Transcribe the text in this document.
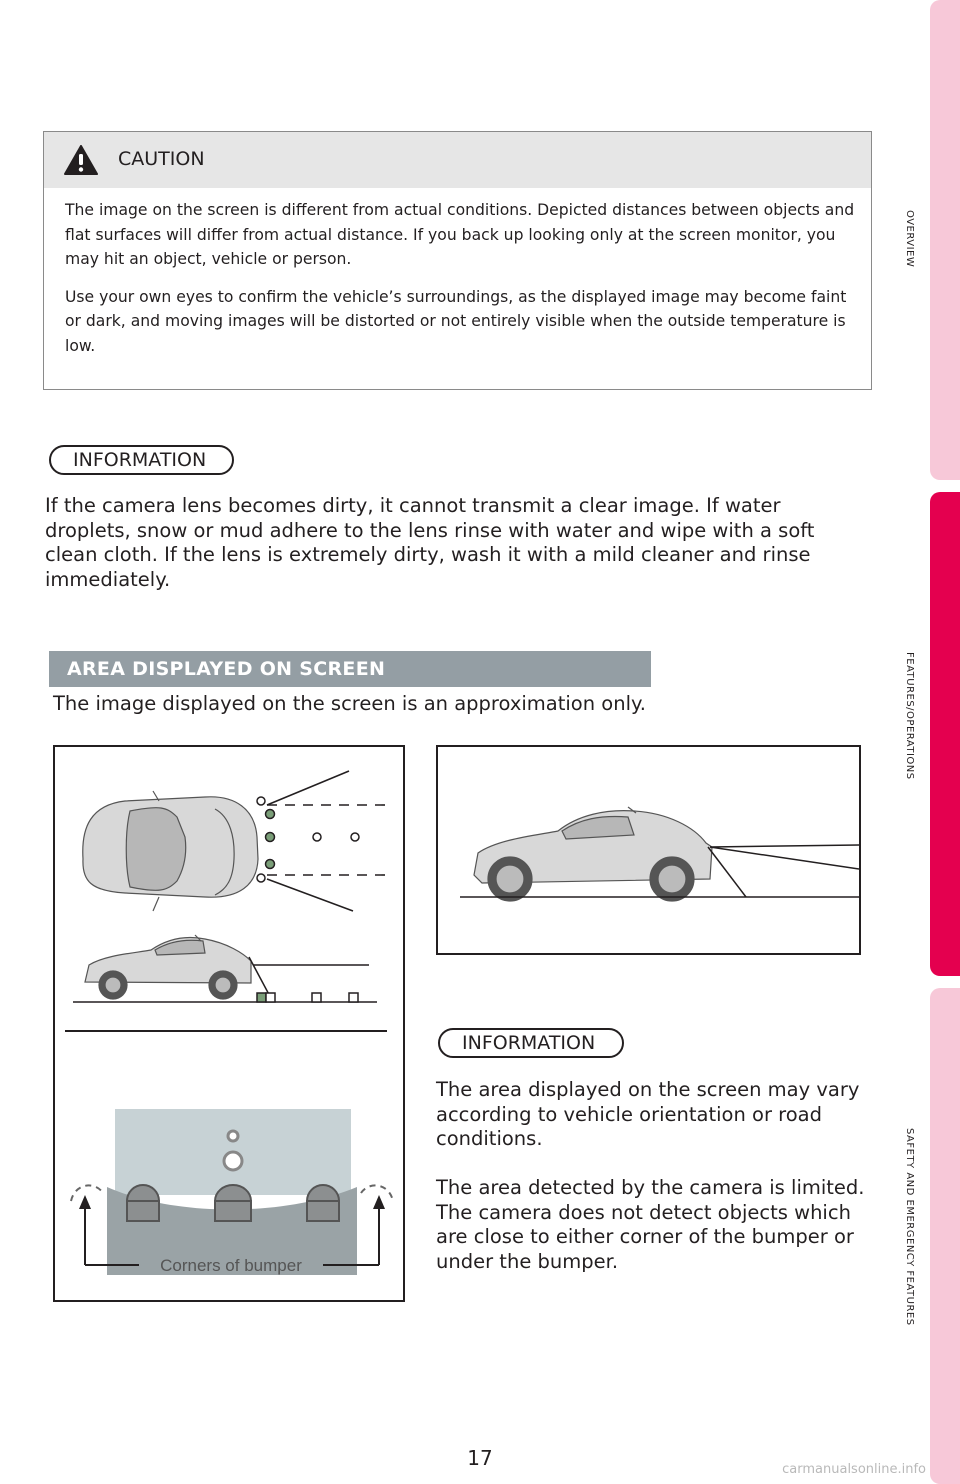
OVERVIEW
FEATURES/OPERATIONS
SAFETY AND EMERGENCY FEATURES
CAUTION

The image on the screen is different from actual conditions. Depicted distances between objects and flat surfaces will differ from actual distance. If you back up looking only at the screen monitor, you may hit an object, vehicle or person.

Use your own eyes to confirm the vehicle’s surroundings, as the displayed image may become faint or dark, and moving images will be distorted or not entirely visible when the outside temperature is low.

INFORMATION
If the camera lens becomes dirty, it cannot transmit a clear image. If water droplets, snow or mud adhere to the lens rinse with water and wipe with a soft clean cloth. If the lens is extremely dirty, wash it with a mild cleaner and rinse immediately.
AREA DISPLAYED ON SCREEN
The image displayed on the screen is an approximation only.
Corners of bumper
INFORMATION

The area displayed on the screen may vary according to vehicle orientation or road conditions.

The area detected by the camera is limited. The camera does not detect objects which are close to either corner of the bumper or under the bumper.

17	carmanualsonline.info
